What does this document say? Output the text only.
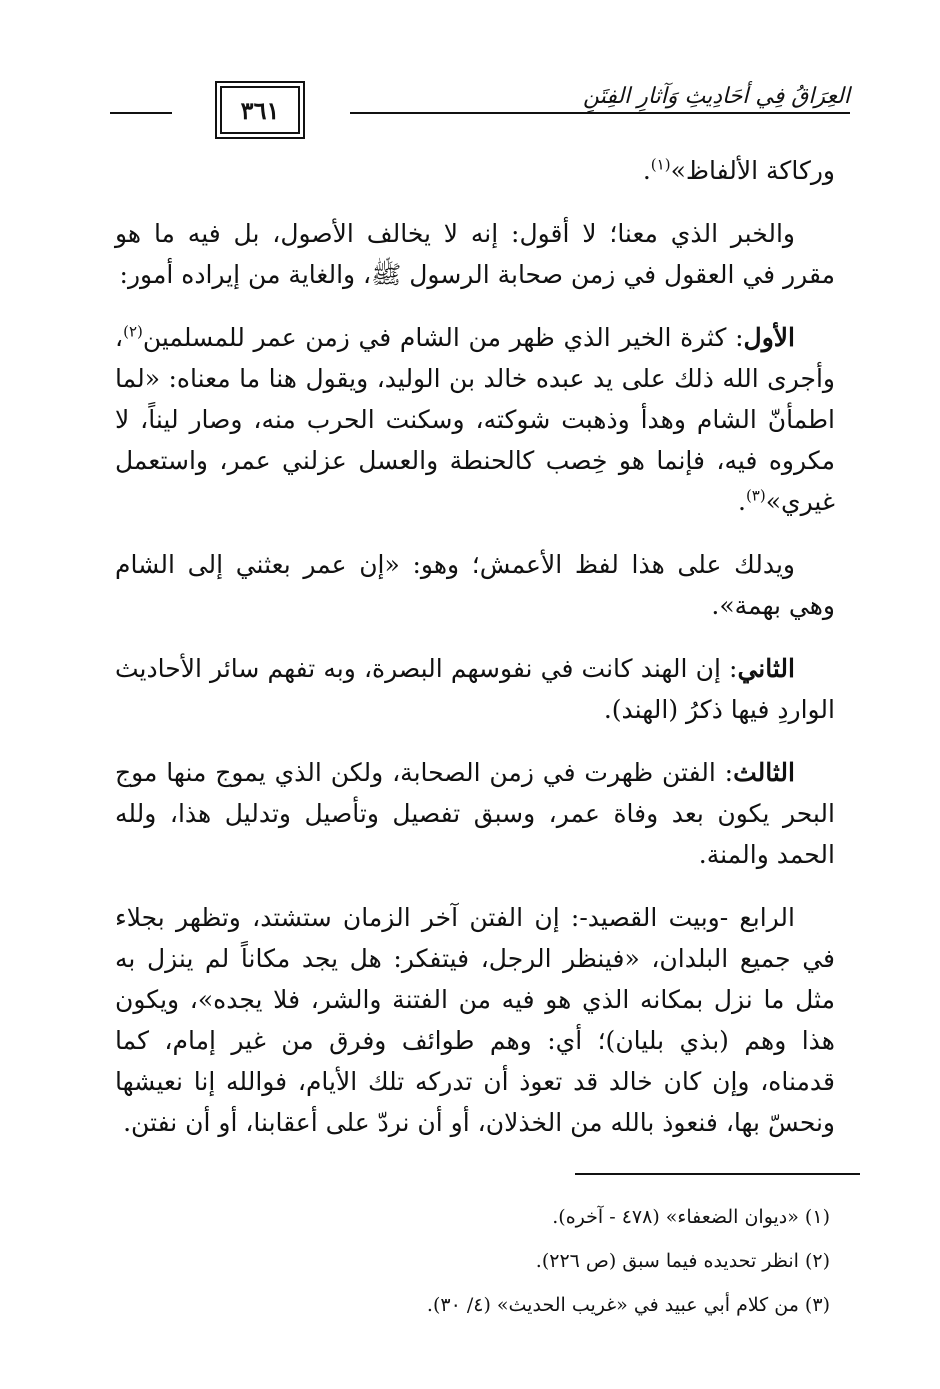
٣٦١	العِرَاقُ فِي أحَادِيثِ وَآثارِ الفِتَنِ

وركاكة الألفاظ»$^{(١)}$.

والخبر الذي معنا؛ لا أقول: إنه لا يخالف الأصول، بل فيه ما هو مقرر في العقول في زمن صحابة الرسول ﷺ، والغاية من إيراده أمور:

الأول: كثرة الخير الذي ظهر من الشام في زمن عمر للمسلمين$^{(٢)}$، وأجرى الله ذلك على يد عبده خالد بن الوليد، ويقول هنا ما معناه: «لما اطمأنّ الشام وهدأ وذهبت شوكته، وسكنت الحرب منه، وصار ليناً، لا مكروه فيه، فإنما هو خِصب كالحنطة والعسل عزلني عمر، واستعمل غيري»$^{(٣)}$.

ويدلك على هذا لفظ الأعمش؛ وهو: «إن عمر بعثني إلى الشام وهي بهمة».

الثاني: إن الهند كانت في نفوسهم البصرة، وبه تفهم سائر الأحاديث الواردِ فيها ذكرُ (الهند).

الثالث: الفتن ظهرت في زمن الصحابة، ولكن الذي يموج منها موج البحر يكون بعد وفاة عمر، وسبق تفصيل وتأصيل وتدليل هذا، ولله الحمد والمنة.

الرابع -وبيت القصيد-: إن الفتن آخر الزمان ستشتد، وتظهر بجلاء في جميع البلدان، «فينظر الرجل، فيتفكر: هل يجد مكاناً لم ينزل به مثل ما نزل بمكانه الذي هو فيه من الفتنة والشر، فلا يجده»، ويكون هذا وهم (بذي بليان)؛ أي: وهم طوائف وفرق من غير إمام، كما قدمناه، وإن كان خالد قد تعوذ أن تدركه تلك الأيام، فوالله إنا نعيشها ونحسّ بها، فنعوذ بالله من الخذلان، أو أن نردّ على أعقابنا، أو أن نفتن.

(١) «ديوان الضعفاء» (٤٧٨ - آخره).
(٢) انظر تحديده فيما سبق (ص ٢٢٦).
(٣) من كلام أبي عبيد في «غريب الحديث» (٤/ ٣٠).
